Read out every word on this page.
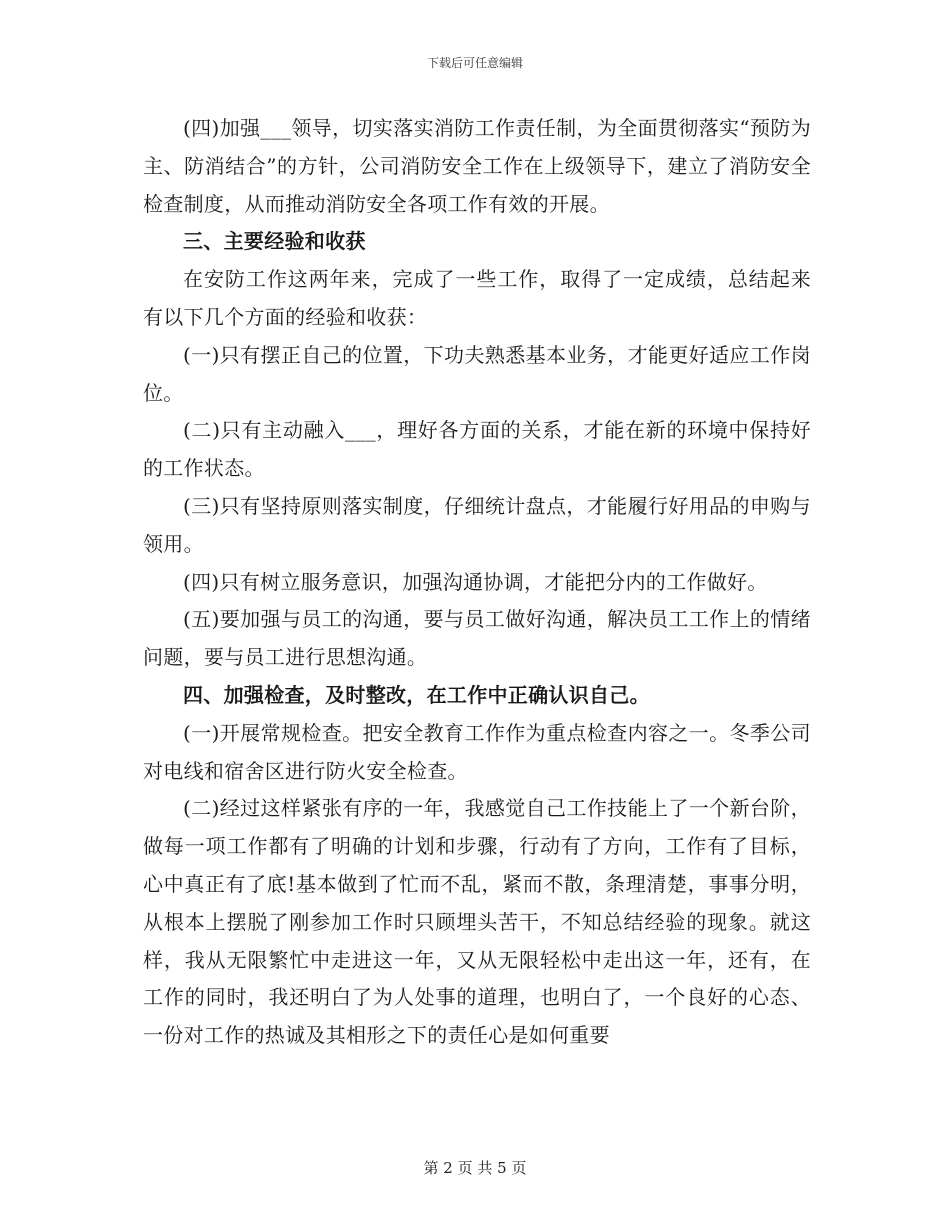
下载后可任意编辑

(四)加强___领导，切实落实消防工作责任制，为全面贯彻落实“预防为主、防消结合”的方针，公司消防安全工作在上级领导下，建立了消防安全检查制度，从而推动消防安全各项工作有效的开展。

三、主要经验和收获

在安防工作这两年来，完成了一些工作，取得了一定成绩，总结起来有以下几个方面的经验和收获：

(一)只有摆正自己的位置，下功夫熟悉基本业务，才能更好适应工作岗位。

(二)只有主动融入___，理好各方面的关系，才能在新的环境中保持好的工作状态。

(三)只有坚持原则落实制度，仔细统计盘点，才能履行好用品的申购与领用。

(四)只有树立服务意识，加强沟通协调，才能把分内的工作做好。

(五)要加强与员工的沟通，要与员工做好沟通，解决员工工作上的情绪问题，要与员工进行思想沟通。

四、加强检查，及时整改，在工作中正确认识自己。

(一)开展常规检查。把安全教育工作作为重点检查内容之一。冬季公司对电线和宿舍区进行防火安全检查。

(二)经过这样紧张有序的一年，我感觉自己工作技能上了一个新台阶，做每一项工作都有了明确的计划和步骤，行动有了方向，工作有了目标，心中真正有了底!基本做到了忙而不乱，紧而不散，条理清楚，事事分明，从根本上摆脱了刚参加工作时只顾埋头苦干，不知总结经验的现象。就这样，我从无限繁忙中走进这一年，又从无限轻松中走出这一年，还有，在工作的同时，我还明白了为人处事的道理，也明白了，一个良好的心态、一份对工作的热诚及其相形之下的责任心是如何重要

第 2 页 共 5 页
